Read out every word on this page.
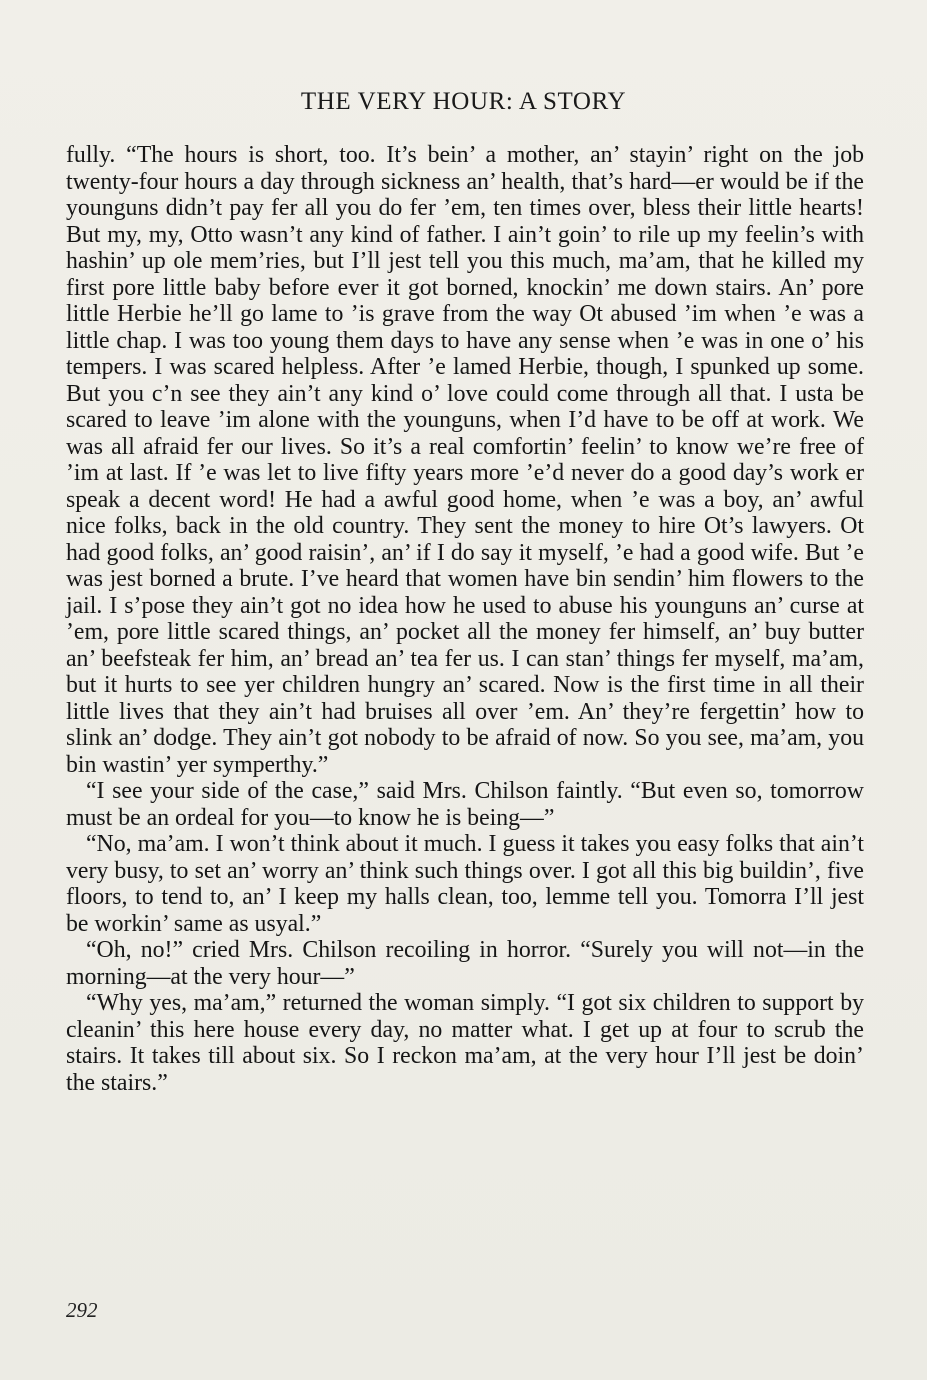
THE VERY HOUR: A STORY

fully. “The hours is short, too. It’s bein’ a mother, an’ stayin’ right on the job twenty-four hours a day through sickness an’ health, that’s hard—er would be if the younguns didn’t pay fer all you do fer ’em, ten times over, bless their little hearts! But my, my, Otto wasn’t any kind of father. I ain’t goin’ to rile up my feelin’s with hashin’ up ole mem’ries, but I’ll jest tell you this much, ma’am, that he killed my first pore little baby before ever it got borned, knockin’ me down stairs. An’ pore little Herbie he’ll go lame to ’is grave from the way Ot abused ’im when ’e was a little chap. I was too young them days to have any sense when ’e was in one o’ his tempers. I was scared helpless. After ’e lamed Herbie, though, I spunked up some. But you c’n see they ain’t any kind o’ love could come through all that. I usta be scared to leave ’im alone with the younguns, when I’d have to be off at work. We was all afraid fer our lives. So it’s a real comfortin’ feelin’ to know we’re free of ’im at last. If ’e was let to live fifty years more ’e’d never do a good day’s work er speak a decent word! He had a awful good home, when ’e was a boy, an’ awful nice folks, back in the old country. They sent the money to hire Ot’s lawyers. Ot had good folks, an’ good raisin’, an’ if I do say it myself, ’e had a good wife. But ’e was jest borned a brute. I’ve heard that women have bin sendin’ him flowers to the jail. I s’pose they ain’t got no idea how he used to abuse his younguns an’ curse at ’em, pore little scared things, an’ pocket all the money fer himself, an’ buy butter an’ beefsteak fer him, an’ bread an’ tea fer us. I can stan’ things fer myself, ma’am, but it hurts to see yer children hungry an’ scared. Now is the first time in all their little lives that they ain’t had bruises all over ’em. An’ they’re fergettin’ how to slink an’ dodge. They ain’t got nobody to be afraid of now. So you see, ma’am, you bin wastin’ yer symperthy.”

“I see your side of the case,” said Mrs. Chilson faintly. “But even so, tomorrow must be an ordeal for you—to know he is being—”

“No, ma’am. I won’t think about it much. I guess it takes you easy folks that ain’t very busy, to set an’ worry an’ think such things over. I got all this big buildin’, five floors, to tend to, an’ I keep my halls clean, too, lemme tell you. Tomorra I’ll jest be workin’ same as usyal.”

“Oh, no!” cried Mrs. Chilson recoiling in horror. “Surely you will not—in the morning—at the very hour—”

“Why yes, ma’am,” returned the woman simply. “I got six children to support by cleanin’ this here house every day, no matter what. I get up at four to scrub the stairs. It takes till about six. So I reckon ma’am, at the very hour I’ll jest be doin’ the stairs.”

292
